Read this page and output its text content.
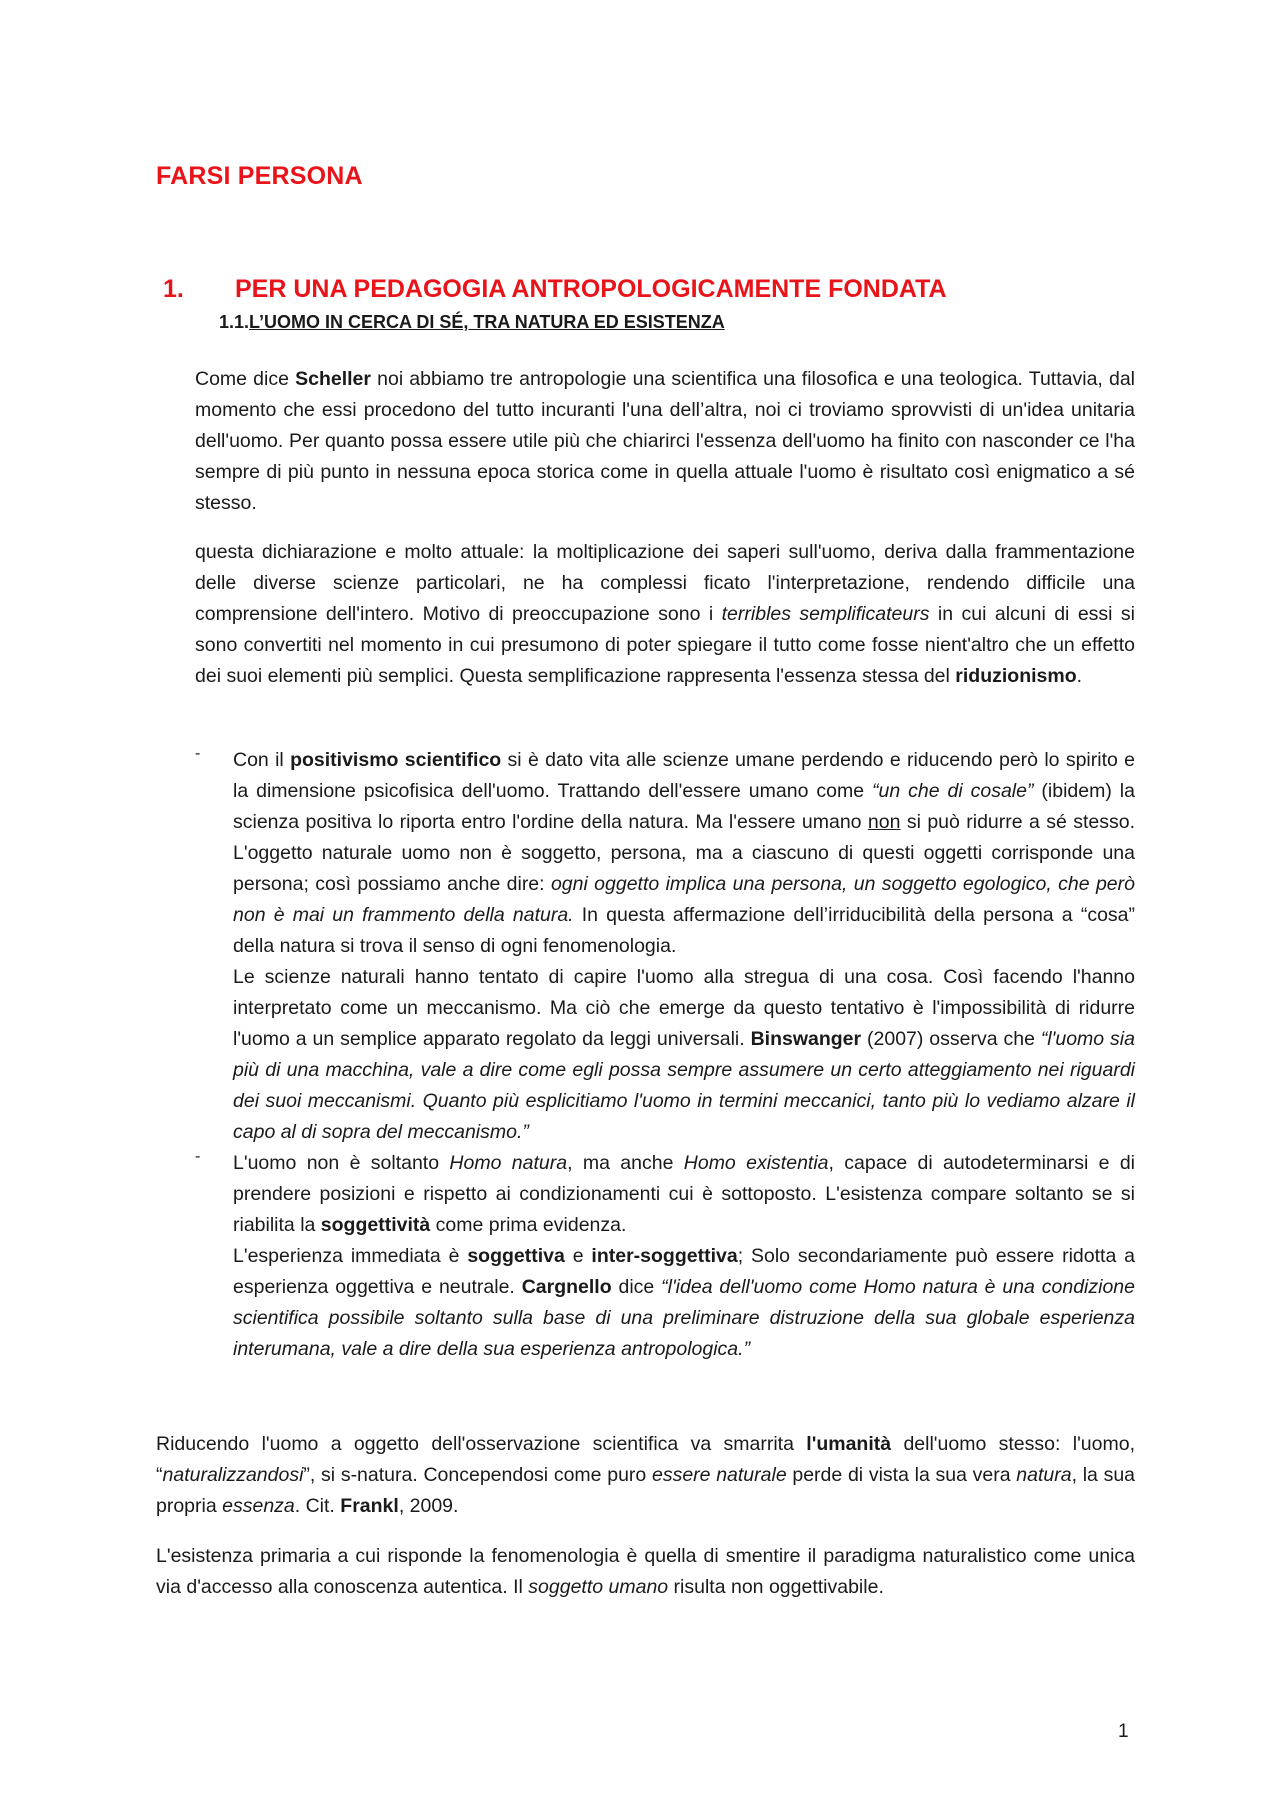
FARSI PERSONA
1. PER UNA PEDAGOGIA ANTROPOLOGICAMENTE FONDATA
1.1.L’UOMO IN CERCA DI SÉ, TRA NATURA ED ESISTENZA

Come dice Scheller noi abbiamo tre antropologie una scientifica una filosofica e una teologica. Tuttavia, dal momento che essi procedono del tutto incuranti l'una dell’altra, noi ci troviamo sprovvisti di un'idea unitaria dell'uomo. Per quanto possa essere utile più che chiarirci l'essenza dell'uomo ha finito con nasconder ce l'ha sempre di più punto in nessuna epoca storica come in quella attuale l'uomo è risultato così enigmatico a sé stesso.

questa dichiarazione e molto attuale: la moltiplicazione dei saperi sull'uomo, deriva dalla frammentazione delle diverse scienze particolari, ne ha complessi ficato l'interpretazione, rendendo difficile una comprensione dell'intero. Motivo di preoccupazione sono i terribles semplificateurs in cui alcuni di essi si sono convertiti nel momento in cui presumono di poter spiegare il tutto come fosse nient'altro che un effetto dei suoi elementi più semplici. Questa semplificazione rappresenta l'essenza stessa del riduzionismo.

- Con il positivismo scientifico si è dato vita alle scienze umane perdendo e riducendo però lo spirito e la dimensione psicofisica dell'uomo. Trattando dell'essere umano come “un che di cosale” (ibidem) la scienza positiva lo riporta entro l'ordine della natura. Ma l'essere umano non si può ridurre a sé stesso. L'oggetto naturale uomo non è soggetto, persona, ma a ciascuno di questi oggetti corrisponde una persona; così possiamo anche dire: ogni oggetto implica una persona, un soggetto egologico, che però non è mai un frammento della natura. In questa affermazione dell’irriducibilità della persona a “cosa” della natura si trova il senso di ogni fenomenologia.

Le scienze naturali hanno tentato di capire l'uomo alla stregua di una cosa. Così facendo l'hanno interpretato come un meccanismo. Ma ciò che emerge da questo tentativo è l'impossibilità di ridurre l'uomo a un semplice apparato regolato da leggi universali. Binswanger (2007) osserva che “l'uomo sia più di una macchina, vale a dire come egli possa sempre assumere un certo atteggiamento nei riguardi dei suoi meccanismi. Quanto più esplicitiamo l'uomo in termini meccanici, tanto più lo vediamo alzare il capo al di sopra del meccanismo.”

- L'uomo non è soltanto Homo natura, ma anche Homo existentia, capace di autodeterminarsi e di prendere posizioni e rispetto ai condizionamenti cui è sottoposto. L'esistenza compare soltanto se si riabilita la soggettività come prima evidenza.

L'esperienza immediata è soggettiva e inter-soggettiva; Solo secondariamente può essere ridotta a esperienza oggettiva e neutrale. Cargnello dice “l'idea dell'uomo come Homo natura è una condizione scientifica possibile soltanto sulla base di una preliminare distruzione della sua globale esperienza interumana, vale a dire della sua esperienza antropologica.”

Riducendo l'uomo a oggetto dell'osservazione scientifica va smarrita l'umanità dell'uomo stesso: l'uomo, “naturalizzandosi”, si s-natura. Concependosi come puro essere naturale perde di vista la sua vera natura, la sua propria essenza. Cit. Frankl, 2009.

L'esistenza primaria a cui risponde la fenomenologia è quella di smentire il paradigma naturalistico come unica via d'accesso alla conoscenza autentica. Il soggetto umano risulta non oggettivabile.

1
